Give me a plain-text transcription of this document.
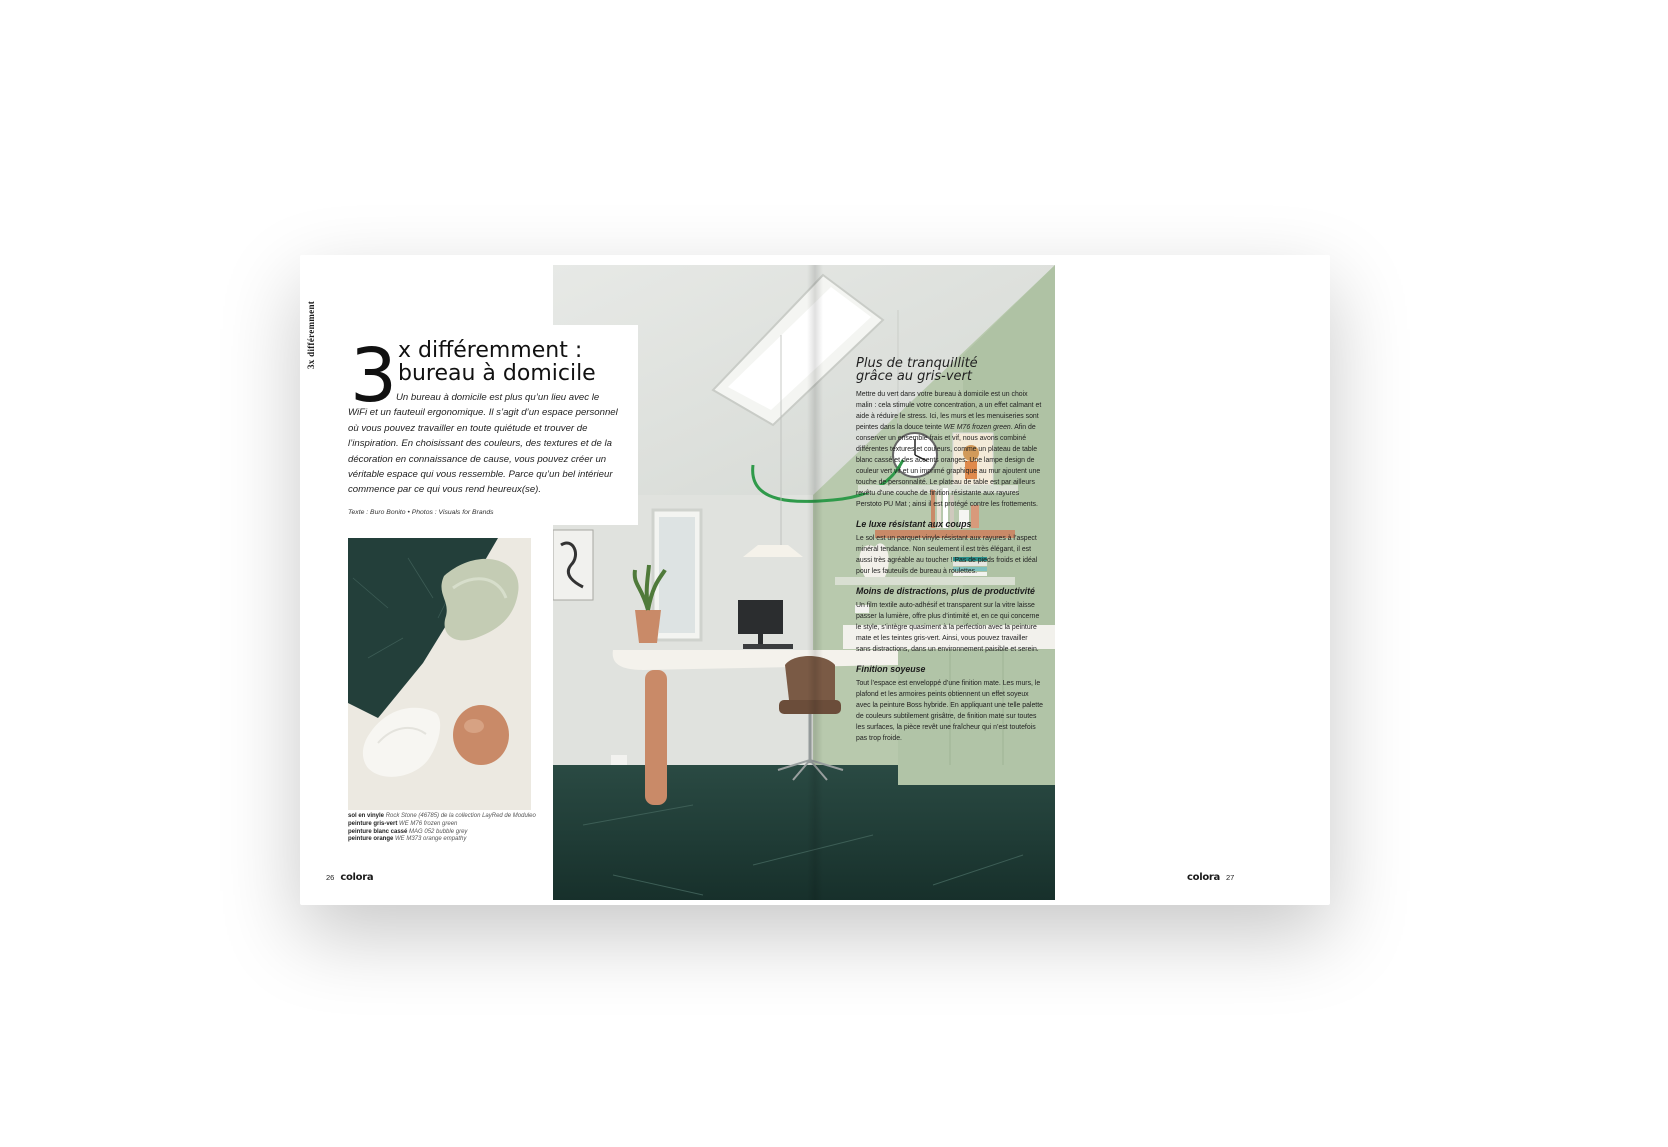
3x différemment 3 x différemment :
bureau à domicile
Un bureau à domicile est plus qu’un lieu avec le
WiFi et un fauteuil ergonomique. Il s’agit d’un espace personnel où vous pouvez travailler en toute quiétude et trouver de l’inspiration. En choisissant des couleurs, des textures et de la décoration en connaissance de cause, vous pouvez créer un véritable espace qui vous ressemble. Parce qu’un bel intérieur commence par ce qui vous rend heureux(se).
Texte : Buro Bonito • Photos : Visuals for Brands
sol en vinyle Rock Stone (46785) de la collection LayRed de Moduleo
peinture gris-vert WE M76 frozen green
peinture blanc cassé MAG 052 bubble grey
peinture orange WE M373 orange empathy
26 colora	colora 27
Plus de tranquillité
grâce au gris-vert

Mettre du vert dans votre bureau à domicile est un choix malin : cela stimule votre concentration, a un effet calmant et aide à réduire le stress. Ici, les murs et les menuiseries sont peintes dans la douce teinte WE M76 frozen green. Afin de conserver un ensemble frais et vif, nous avons combiné différentes textures et couleurs, comme un plateau de table blanc cassé et des accents oranges. Une lampe design de couleur vert vif et un imprimé graphique au mur ajoutent une touche de personnalité. Le plateau de table est par ailleurs revêtu d’une couche de finition résistante aux rayures Perstoto PU Mat ; ainsi il est protégé contre les frottements.

Le luxe résistant aux coups

Le sol est un parquet vinyle résistant aux rayures à l’aspect minéral tendance. Non seulement il est très élégant, il est aussi très agréable au toucher ! Pas de pieds froids et idéal pour les fauteuils de bureau à roulettes.

Moins de distractions, plus de productivité

Un film textile auto-adhésif et transparent sur la vitre laisse passer la lumière, offre plus d’intimité et, en ce qui concerne le style, s’intègre quasiment à la perfection avec la peinture mate et les teintes gris-vert. Ainsi, vous pouvez travailler sans distractions, dans un environnement paisible et serein.

Finition soyeuse

Tout l’espace est enveloppé d’une finition mate. Les murs, le plafond et les armoires peints obtiennent un effet soyeux avec la peinture Boss hybride. En appliquant une telle palette de couleurs subtilement grisâtre, de finition mate sur toutes les surfaces, la pièce revêt une fraîcheur qui n’est toutefois pas trop froide.
